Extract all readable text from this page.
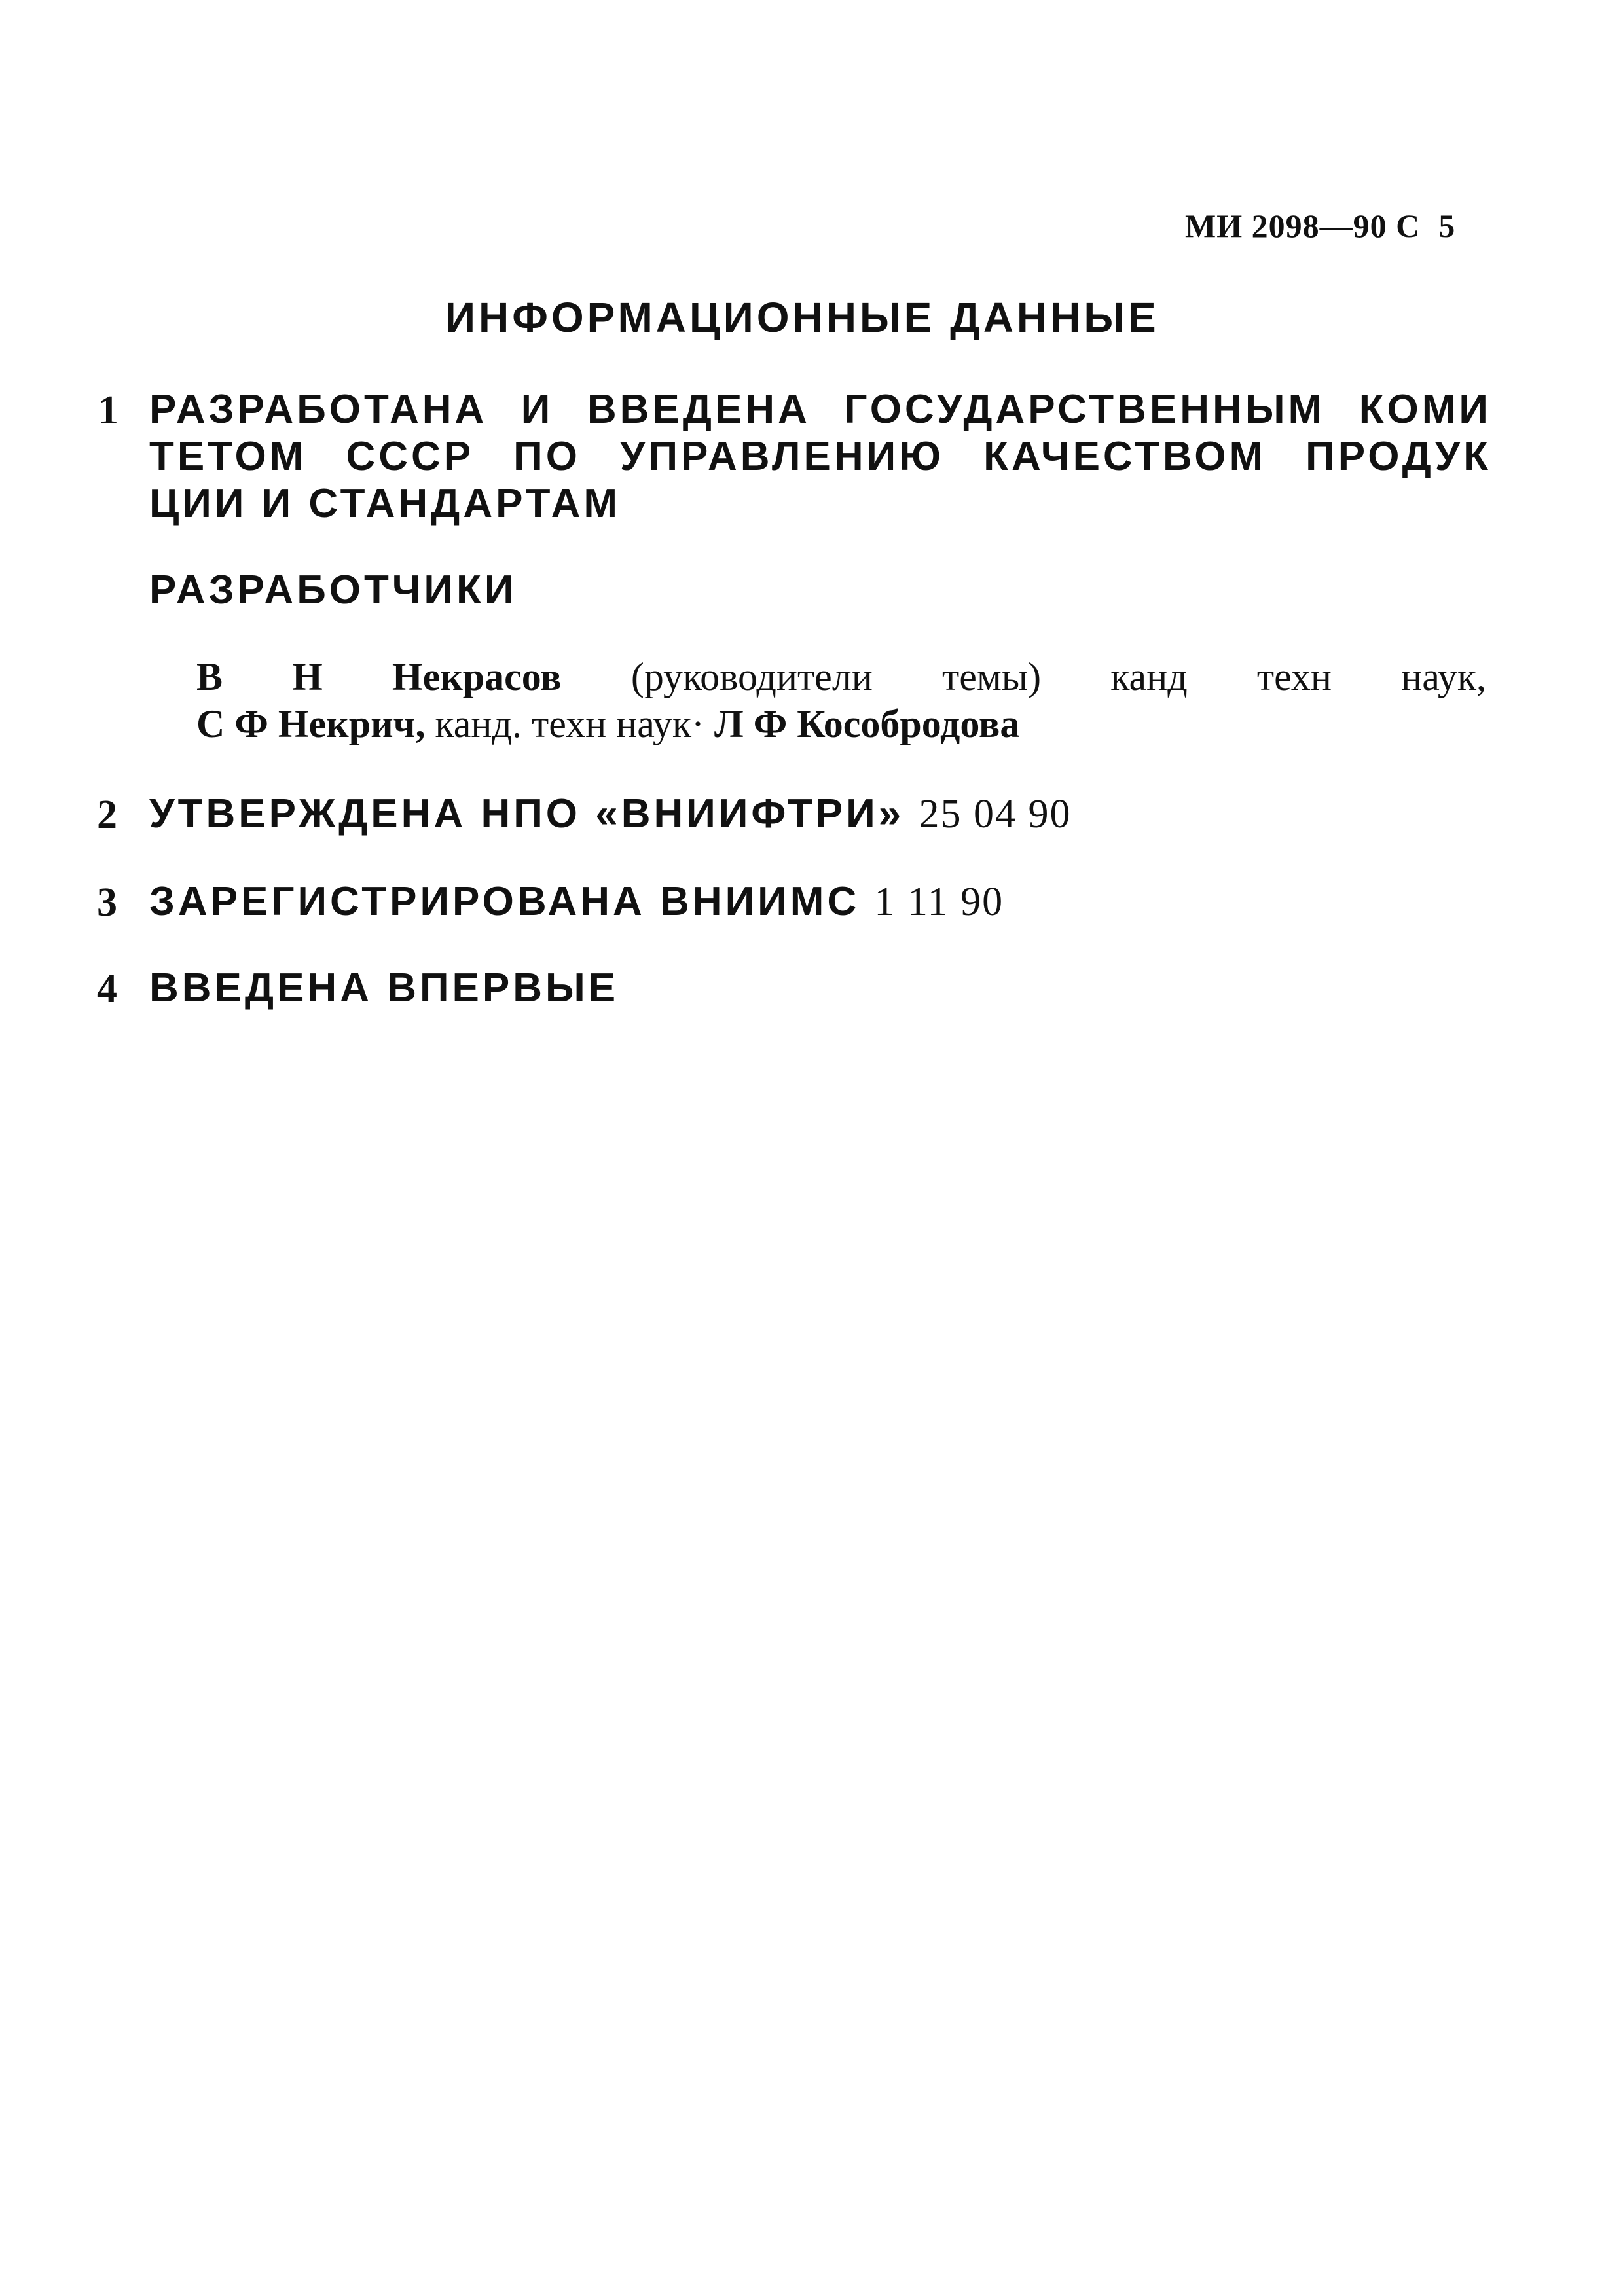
МИ 2098—90 С 5
ИНФОРМАЦИОННЫЕ ДАННЫЕ
1 РАЗРАБОТАНА И ВВЕДЕНА ГОСУДАРСТВЕННЫМ КОМИ
ТЕТОМ СССР ПО УПРАВЛЕНИЮ КАЧЕСТВОМ ПРОДУК
ЦИИ И СТАНДАРТАМ
РАЗРАБОТЧИКИ
В Н Некрасов (руководители темы) канд техн наук,
С Ф Некрич, канд. техн наук· Л Ф Кособродова
2 УТВЕРЖДЕНА НПО «ВНИИФТРИ» 25 04 90
3 ЗАРЕГИСТРИРОВАНА ВНИИМС 1 11 90
4 ВВЕДЕНА ВПЕРВЫЕ
